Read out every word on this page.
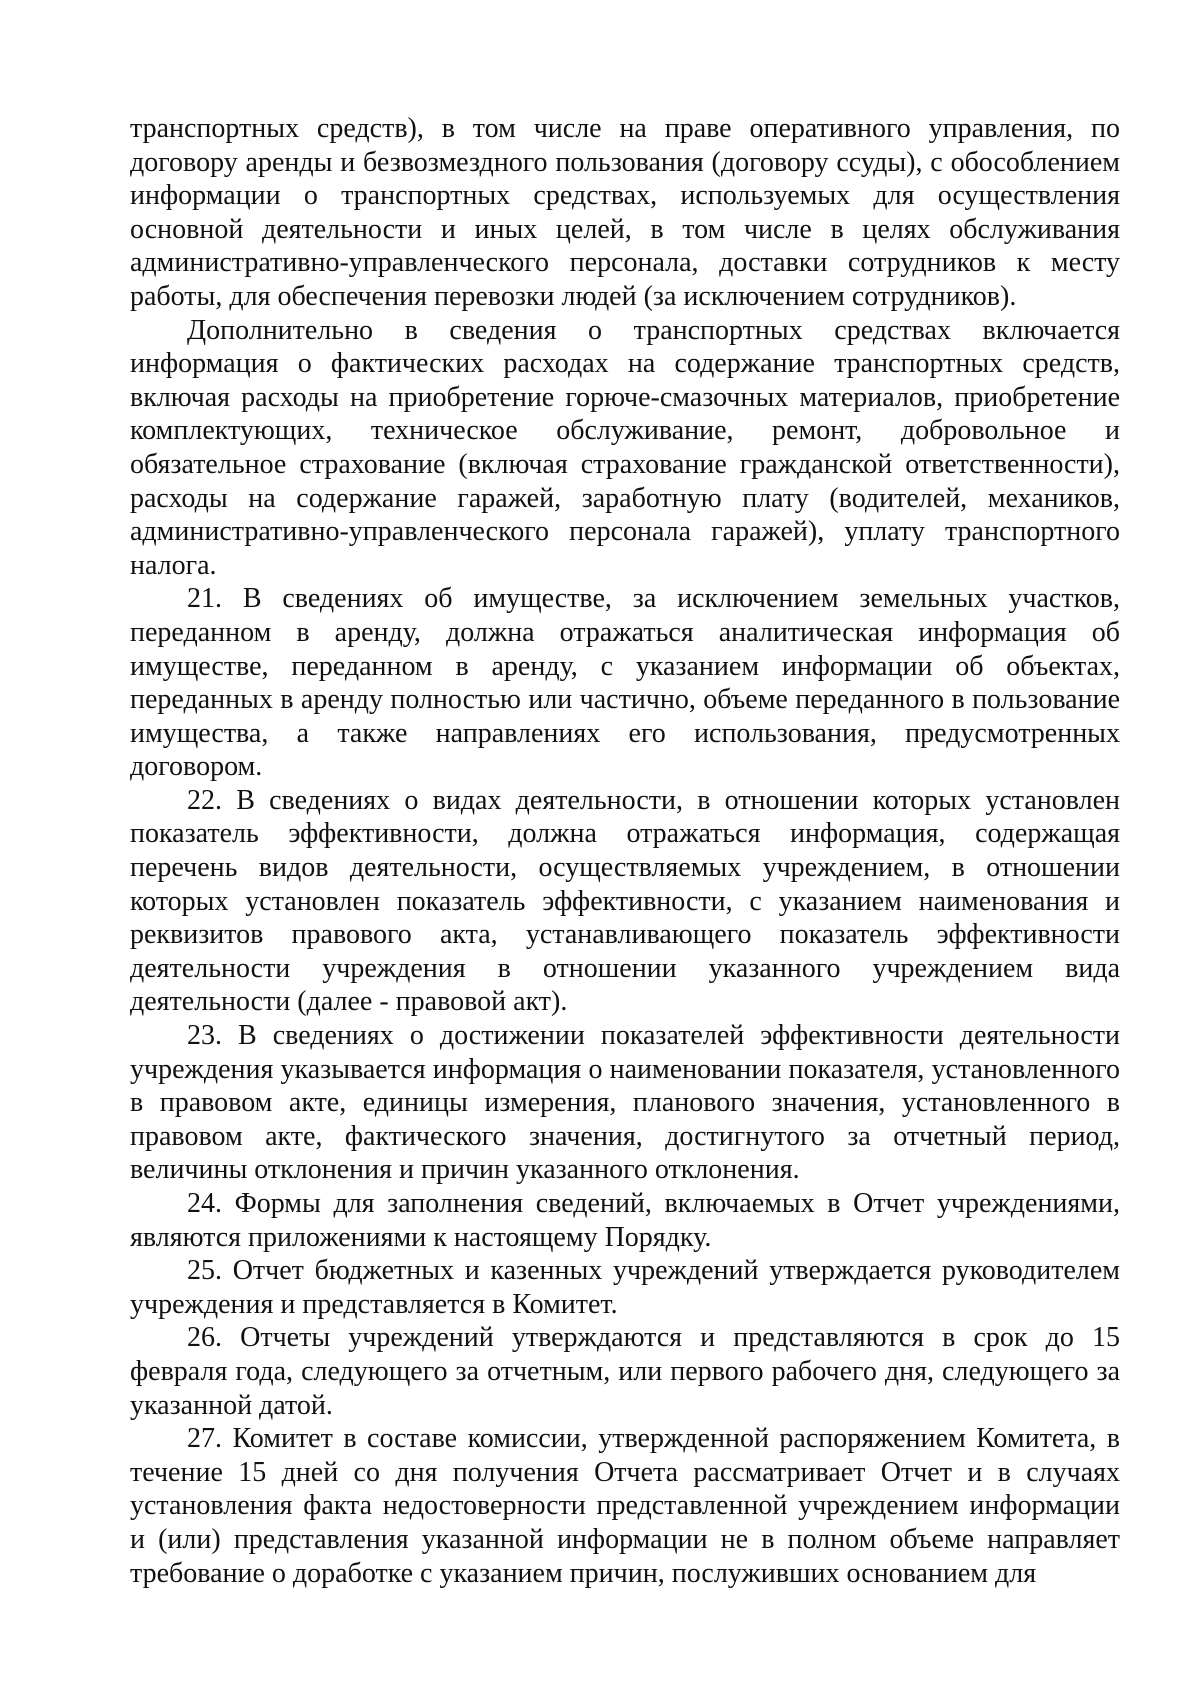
транспортных средств), в том числе на праве оперативного управления, по договору аренды и безвозмездного пользования (договору ссуды), с обособлением информации о транспортных средствах, используемых для осуществления основной деятельности и иных целей, в том числе в целях обслуживания административно-управленческого персонала, доставки сотрудников к месту работы, для обеспечения перевозки людей (за исключением сотрудников).

Дополнительно в сведения о транспортных средствах включается информация о фактических расходах на содержание транспортных средств, включая расходы на приобретение горюче-смазочных материалов, приобретение комплектующих, техническое обслуживание, ремонт, добровольное и обязательное страхование (включая страхование гражданской ответственности), расходы на содержание гаражей, заработную плату (водителей, механиков, административно-управленческого персонала гаражей), уплату транспортного налога.

21. В сведениях об имуществе, за исключением земельных участков, переданном в аренду, должна отражаться аналитическая информация об имуществе, переданном в аренду, с указанием информации об объектах, переданных в аренду полностью или частично, объеме переданного в пользование имущества, а также направлениях его использования, предусмотренных договором.

22. В сведениях о видах деятельности, в отношении которых установлен показатель эффективности, должна отражаться информация, содержащая перечень видов деятельности, осуществляемых учреждением, в отношении которых установлен показатель эффективности, с указанием наименования и реквизитов правового акта, устанавливающего показатель эффективности деятельности учреждения в отношении указанного учреждением вида деятельности (далее - правовой акт).

23. В сведениях о достижении показателей эффективности деятельности учреждения указывается информация о наименовании показателя, установленного в правовом акте, единицы измерения, планового значения, установленного в правовом акте, фактического значения, достигнутого за отчетный период, величины отклонения и причин указанного отклонения.

24. Формы для заполнения сведений, включаемых в Отчет учреждениями, являются приложениями к настоящему Порядку.

25. Отчет бюджетных и казенных учреждений утверждается руководителем учреждения и представляется в Комитет.

26. Отчеты учреждений утверждаются и представляются в срок до 15 февраля года, следующего за отчетным, или первого рабочего дня, следующего за указанной датой.

27. Комитет в составе комиссии, утвержденной распоряжением Комитета, в течение 15 дней со дня получения Отчета рассматривает Отчет и в случаях установления факта недостоверности представленной учреждением информации и (или) представления указанной информации не в полном объеме направляет требование о доработке с указанием причин, послуживших основанием для
